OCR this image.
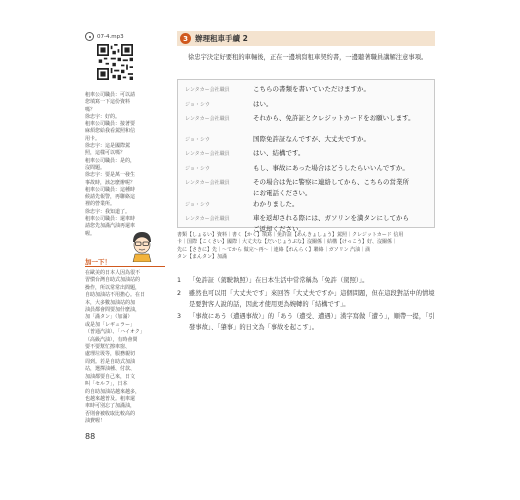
07-4.mp3
租車公司職員：可以請
您填寫一下這份資料
嗎？
徐忠宇：好的。
租車公司職員：接著要
麻煩您給我看駕照和信
用卡。
徐忠宇：這是國際駕
照，這樣可以嗎？
租車公司職員：是的，
沒問題。
徐忠宇：要是萬一發生
事故時，該怎麼辦呢？
租車公司職員：這種時
候請先報警，再聯絡這
裡的營業所。
徐忠宇：我知道了。
租車公司職員：還車時
請您先加滿汽油再還車
喔。
加一下！
在歐美的日本人因為很不
習慣台灣自助式加油站的
操作，所以常常出問題，
自助加油站不用擔心。在日
本，大多數加油站的加
油員都會問要加什麼油，
加「滿タン」（加滿）
或是加「レギュラー」
（普通汽油）、「ハイオク」
（高級汽油），有時會問
要不要幫忙擦車窗、
處理垃圾等，服務親切
周到。若是自助式加油
站，選擇油種、付款、
加油都要自己來，日文
叫「セルフ」，日本
的自助加油站越來越多，
也越來越普及。租車還
車時可別忘了加滿油，
否則會被收取比較高的
油費喔！
88
3 辦理租車手續 2
徐忠宇決定好要租的車輛後，正在一邊填寫租車契約書，一邊聽著職員講解注意事項。
レンタカー会社職員	こちらの書類を書いていただけますか。
ジョ・シウ	はい。
レンタカー会社職員	それから、免許証とクレジットカードをお願いします。
ジョ・シウ	国際免許証なんですが、大丈夫ですか。
レンタカー会社職員	はい、結構です。
ジョ・シウ	もし、事故にあった場合はどうしたらいいんですか。
レンタカー会社職員	その場合は先に警察に連絡してから、こちらの営業所
にお電話ください。
ジョ・シウ	わかりました。
レンタカー会社職員	車を返却される際には、ガソリンを満タンにしてから
ご返却ください。
書類【しょるい】資料｜書く【かく】填寫｜免許証【めんきょしょう】駕照｜クレジットカード 信用
卡｜国際【こくさい】國際｜大丈夫な【だいじょうぶな】沒關係｜結構【けっこう】好、沒關係｜
先に【さきに】先｜～てから 做完～再～｜連絡【れんらく】聯絡｜ガソリン 汽油｜満
タン【まんタン】加滿
1	「免許証（駕駛執照）」在日本生活中常常稱為「免許（駕照）」。
2	雖然也可以用「大丈夫です」來回答「大丈夫ですか」這個問題，但在這段對話中的情境是要對客人說的話，因此才使用更為婉轉的「結構です」。
3	「事故にあう（遭遇事故）」的「あう（遭受、遭遇）」漢字寫做「遭う」，順帶一提，「引發事故」、「肇事」的日文為「事故を起こす」。
